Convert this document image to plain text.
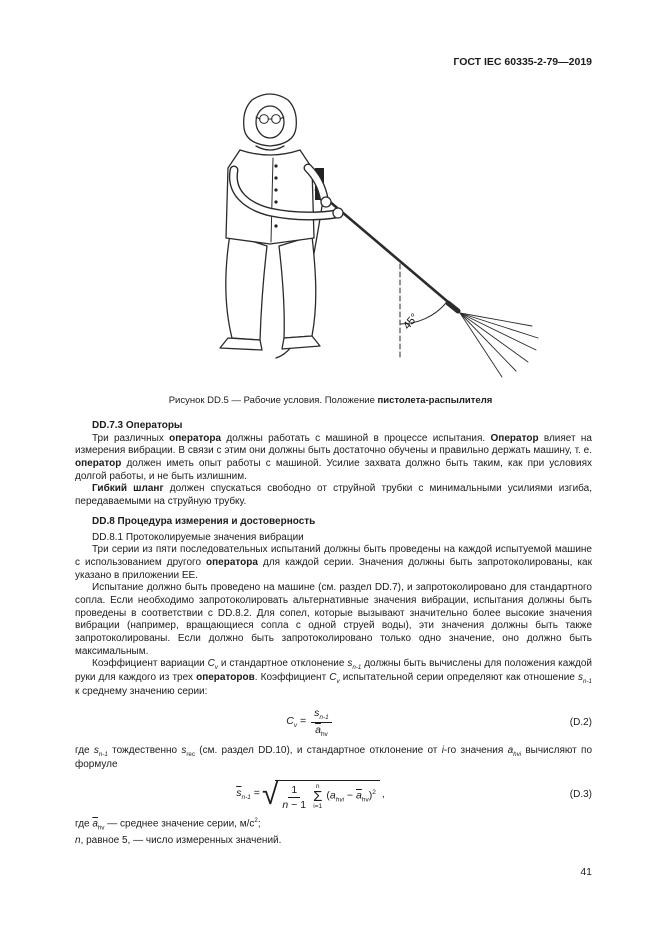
ГОСТ IEC 60335-2-79—2019
45°
Рисунок DD.5 — Рабочие условия. Положение пистолета-распылителя

DD.7.3 Операторы

Три различных оператора должны работать с машиной в процессе испытания. Оператор влияет на измерения вибрации. В связи с этим они должны быть достаточно обучены и правильно держать машину, т. е. оператор должен иметь опыт работы с машиной. Усилие захвата должно быть таким, как при условиях долгой работы, и не быть излишним.

Гибкий шланг должен спускаться свободно от струйной трубки с минимальными усилиями изгиба, передаваемыми на струйную трубку.

DD.8 Процедура измерения и достоверность

DD.8.1 Протоколируемые значения вибрации

Три серии из пяти последовательных испытаний должны быть проведены на каждой испытуемой машине с использованием другого оператора для каждой серии. Значения должны быть запротоколированы, как указано в приложении ЕЕ.

Испытание должно быть проведено на машине (см. раздел DD.7), и запротоколировано для стандартного сопла. Если необходимо запротоколировать альтернативные значения вибрации, испытания должны быть проведены в соответствии с DD.8.2. Для сопел, которые вызывают значительно более высокие значения вибрации (например, вращающиеся сопла с одной струей воды), эти значения должны быть также запротоколированы. Если должно быть запротоколировано только одно значение, оно должно быть максимальным.

Коэффициент вариации $C_v$ и стандартное отклонение $s_{n-1}$ должны быть вычислены для положения каждой руки для каждого из трех операторов. Коэффициент $C_v$ испытательной серии определяют как отношение $s_{n-1}$ к среднему значению серии:

$C_v = \frac{s_{n-1}}{\overline{a}_{hv}}$	(D.2)

где $s_{n-1}$ тождественно $s_{rec}$ (см. раздел DD.10), и стандартное отклонение от i-го значения $a_{hvi}$ вычисляют по формуле

$\overline{s}_{n-1}$ = √ $\frac{1}{n - 1}$ n
Σ
i=1
$(a_{hvi} - \overline{a}_{hv})^2$ ,	(D.3)

где $\overline{a}_{hv}$ — среднее значение серии, $м/с^2$;

n, равное 5, — число измеренных значений.

41
